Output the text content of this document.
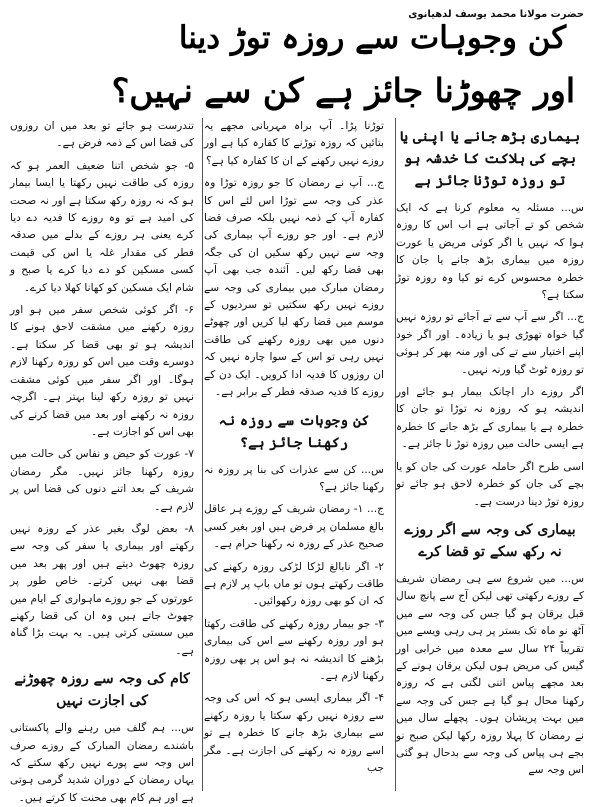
حضرت مولانا محمد یوسف لدھیانوی
کن وجوہات سے روزہ توڑ دینا
اور چھوڑنا جائز ہے کن سے نہیں؟
بیماری بڑھ جانے یا اپنی یا بچے کی ہلاکت کا خدشہ ہو تو روزہ توڑنا جائز ہے

س... مسئلہ یہ معلوم کرنا ہے کہ ایک شخص کو تے آجاتی ہے اب اس کا روزہ ہوا کہ نہیں یا اگر کوئی مریض یا عورت روزہ میں بیماری بڑھ جانے یا جان کا خطرہ محسوس کرے تو کیا وہ روزہ توڑ سکتا ہے؟

ج... اگر سے آپ سے تے آجائے تو روزہ نہیں گیا خواہ تھوڑی ہو یا زیادہ۔ اور اگر خود اپنے اختیار سے تے کی اور منہ بھر کر ہوئی تو روزہ ٹوٹ گیا ورنہ نہیں۔

اگر روزے دار اچانک بیمار ہو جائے اور اندیشہ ہو کہ روزہ نہ توڑا تو جان کا خطرہ ہے یا بیماری کے بڑھ جانے کا خطرہ ہے ایسی حالت میں روزہ توڑ نا جائز ہے۔

اسی طرح اگر حاملہ عورت کی جان کو یا بچے کی جان کو خطرہ لاحق ہو جائے تو روزہ توڑ دینا درست ہے۔

بیماری کی وجہ سے اگر روزے نہ رکھ سکے تو قضا کرے

س... میں شروع سے ہی رمضان شریف کے روزے رکھتی تھی لیکن آج سے پانچ سال قبل یرقان ہو گیا جس کی وجہ سے میں آٹھ نو ماہ تک بستر پر ہی رہی ویسے میں تقریباً ۲۴ سال سے معدہ میں خرابی اور گیس کی مریض ہوں لیکن یرقان ہونے کے بعد مجھے پیاس اتنی لگتی ہے کہ روزہ رکھنا محال ہو گیا ہے جس کی وجہ سے میں بہت پریشان ہوں۔ پچھلے سال میں نے رمضان کا پہلا روزہ رکھا لیکن صبح نو بجے ہی پیاس کی وجہ سے بدحال ہو گئی اس وجہ سے

توڑنا پڑا۔ آپ براہ مہربانی مجھے یہ بتائیں کہ روزہ توڑنے کا کفارہ کیا ہے اور روزے نہیں رکھنے کے ان کا کفارہ کیا ہے؟

ج... آپ نے رمضان کا جو روزہ توڑا وہ عذر کی وجہ سے توڑا اس لئے اس کا کفارہ آپ کے ذمہ نہیں بلکہ صرف قضا لازم ہے۔ اور جو روزے آپ بیماری کی وجہ سے نہیں رکھ سکیں ان کی جگہ بھی قضا رکھ لیں۔ آئندہ جب بھی آپ رمضان مبارک میں بیماری کی وجہ سے روزے نہیں رکھ سکتیں تو سردیوں کے موسم میں قضا رکھ لیا کریں اور چھوٹے دنوں میں بھی روزہ رکھنے کی طاقت نہیں رہی تو اس کے سوا چارہ نہیں کہ ان روزوں کا فدیہ ادا کرویں۔ ایک دن کے روزے کا فدیہ صدقہ فطر کے برابر ہے۔

کن وجوہات سے روزہ نہ رکھنا جائز ہے؟

س... کن سے عذرات کی بنا پر روزہ نہ رکھنا جائز ہے؟

ج... ۱- رمضان شریف کے روزے ہر عاقل بالغ مسلمان پر فرض ہیں اور بغیر کسی صحیح عذر کے روزہ نہ رکھنا حرام ہے۔

۲- اگر نابالغ لڑکا لڑکی روزہ رکھنے کی طاقت رکھتے ہوں تو ماں باپ پر لازم ہے کہ ان کو بھی روزہ رکھوائیں۔

۳- جو بیمار روزہ رکھنے کی طاقت رکھتا ہو اور روزہ رکھنے سے اس کی بیماری بڑھنے کا اندیشہ نہ ہو اس پر بھی روزہ رکھنا لازم ہے۔

۴- اگر بیماری ایسی ہو کہ اس کی وجہ سے روزہ نہیں رکھ سکتا یا روزہ رکھنے سے بیماری بڑھ جانے کا خطرہ ہے تو اسے روزہ نہ رکھنے کی اجازت ہے۔ مگر جب

تندرست ہو جائے تو بعد میں ان روزوں کی قضا اس کے ذمہ فرض ہے۔

۵- جو شخص اتنا ضعیف العمر ہو کہ روزہ کی طاقت نہیں رکھتا یا ایسا بیمار ہو کہ نہ روزہ رکھ سکتا ہے اور نہ صحت کی امید ہے تو وہ روزے کا فدیہ دے دیا کرے یعنی ہر روزے کے بدلے میں صدقہ فطر کی مقدار غلہ یا اس کی قیمت کسی مسکین کو دے دیا کرے یا صبح و شام ایک مسکین کو کھانا کھلا دیا کرے۔

۶- اگر کوئی شخص سفر میں ہو اور روزہ رکھنے میں مشقت لاحق ہونے کا اندیشہ ہو تو بھی قضا کر سکتا ہے۔ دوسرے وقت میں اس کو روزہ رکھنا لازم ہوگا۔ اور اگر سفر میں کوئی مشقت نہیں تو روزہ رکھ لینا بہتر ہے۔ اگرچہ روزہ نہ رکھنے اور بعد میں قضا کرنے کی بھی اس کو اجازت ہے۔

۷- عورت کو حیض و نفاس کی حالت میں روزہ رکھنا جائز نہیں۔ مگر رمضان شریف کے بعد اتنے دنوں کی قضا اس پر لازم ہے۔

۸- بعض لوگ بغیر عذر کے روزہ نہیں رکھتے اور بیماری یا سفر کی وجہ سے روزہ چھوٹ دیتے ہیں اور پھر بعد میں قضا بھی نہیں کرتے۔ خاص طور پر عورتوں کے جو روزے ماہواری کے ایام میں چھوٹ جاتے ہیں وہ ان کی قضا رکھنے میں سستی کرتی ہیں۔ یہ بہت بڑا گناہ ہے۔

کام کی وجہ سے روزہ چھوڑنے کی اجازت نہیں

س... ہم گلف میں رہنے والے پاکستانی باشندے رمضان المبارک کے روزے صرف اس وجہ سے پورے نہیں رکھ سکتے کہ یہاں رمضان کے دوران شدید گرمی ہوتی ہے اور ہم کام بھی محنت کا کرتے ہیں۔
